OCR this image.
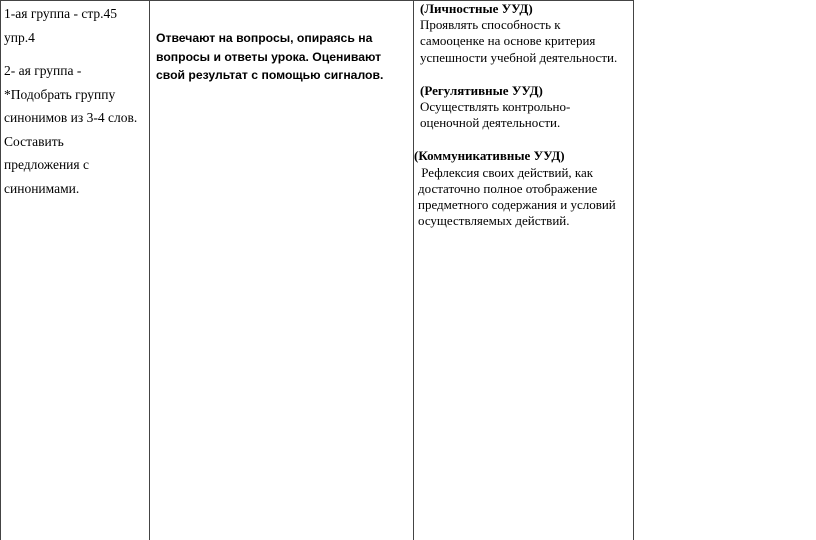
1-ая группа - стр.45

упр.4

2- ая группа -

*Подобрать группу

синонимов из 3-4 слов.

Составить

предложения с

синонимами.

Отвечают на вопросы, опираясь на
вопросы и ответы урока. Оценивают
свой результат с помощью сигналов.
(Личностные УУД)
Проявлять способность к
самооценке на основе критерия
успешности учебной деятельности.
(Регулятивные УУД)
Осуществлять контрольно-
оценочной деятельности.
(Коммуникативные УУД)
Рефлексия своих действий, как
достаточно полное отображение
предметного содержания и условий
осуществляемых действий.
